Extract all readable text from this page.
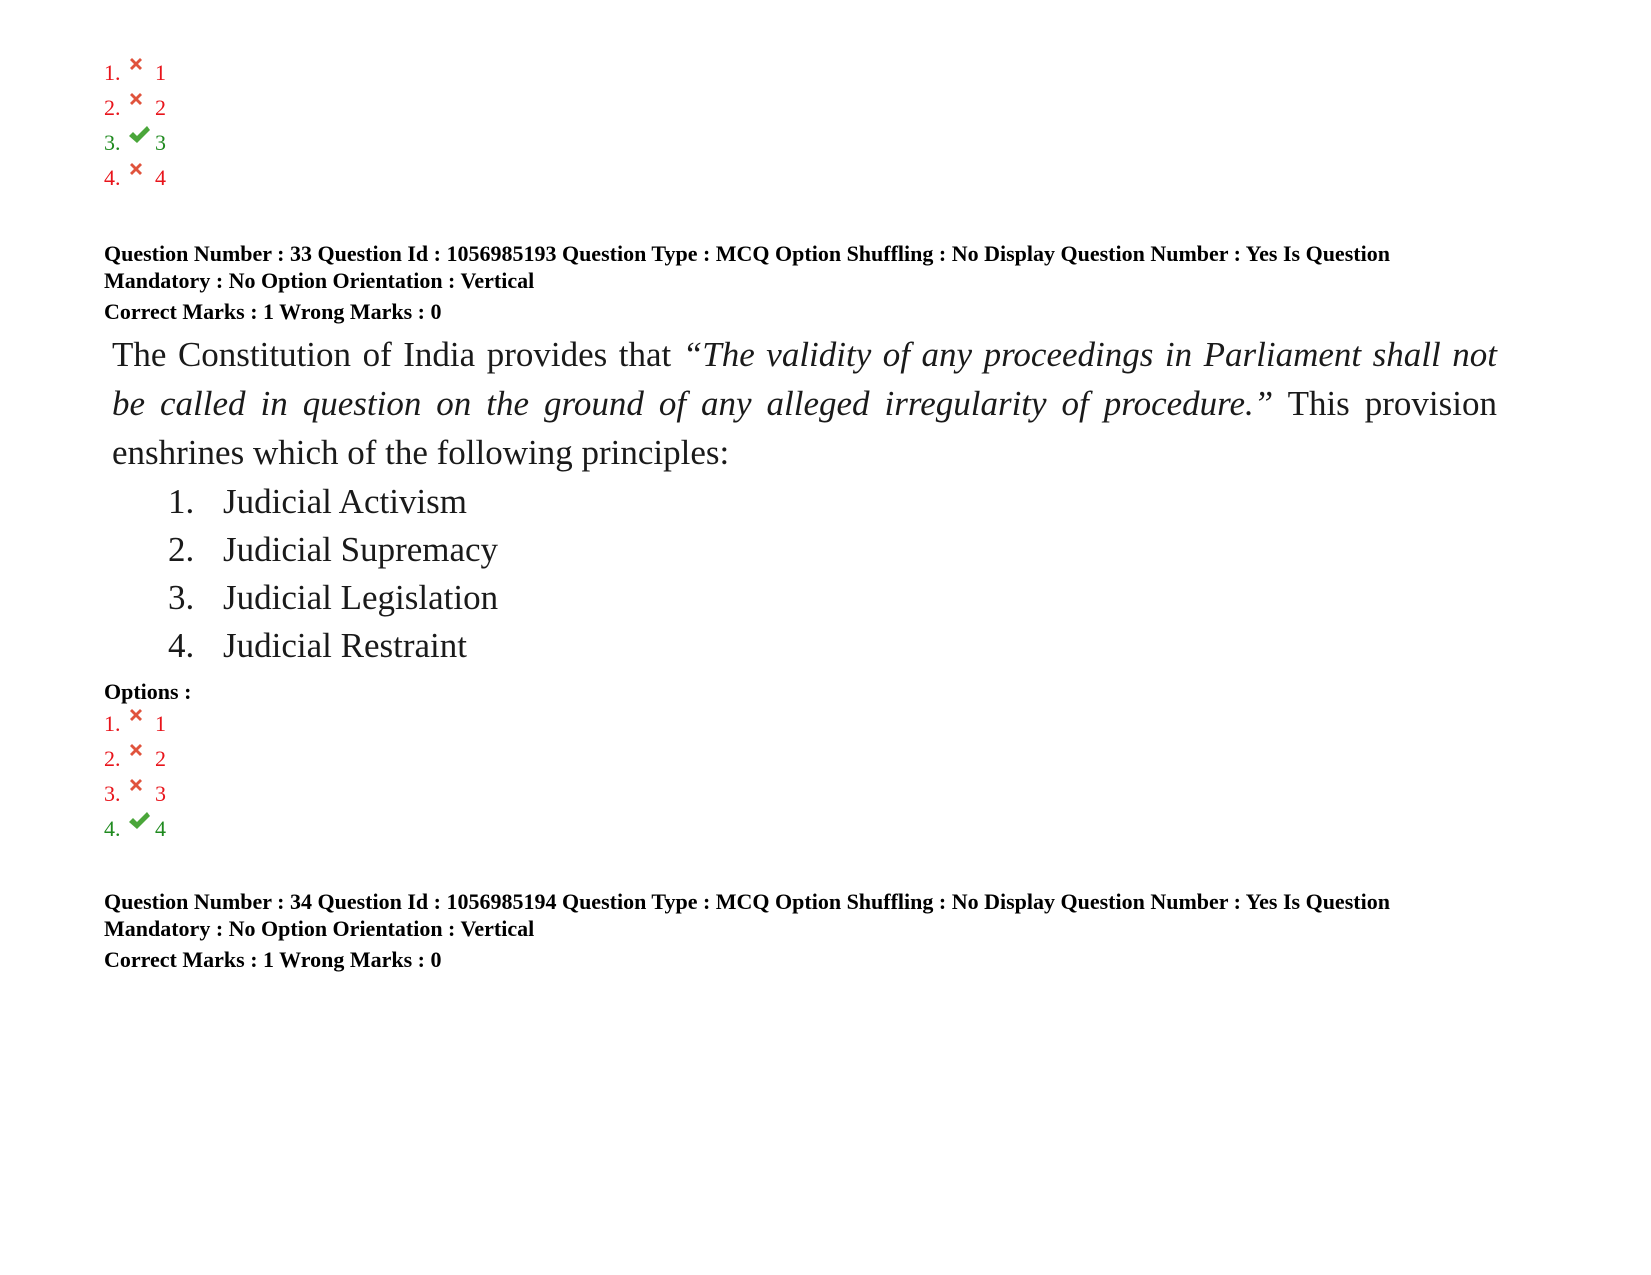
1. 1
2. 2
3. 3
4. 4
Question Number : 33 Question Id : 1056985193 Question Type : MCQ Option Shuffling : No Display Question Number : Yes Is Question
Mandatory : No Option Orientation : Vertical
Correct Marks : 1 Wrong Marks : 0
The Constitution of India provides that “The validity of any proceedings in Parliament shall not be called in question on the ground of any alleged irregularity of procedure.” This provision enshrines which of the following principles:
1. Judicial Activism
2. Judicial Supremacy
3. Judicial Legislation
4. Judicial Restraint
Options :
1. 1
2. 2
3. 3
4. 4
Question Number : 34 Question Id : 1056985194 Question Type : MCQ Option Shuffling : No Display Question Number : Yes Is Question
Mandatory : No Option Orientation : Vertical
Correct Marks : 1 Wrong Marks : 0
